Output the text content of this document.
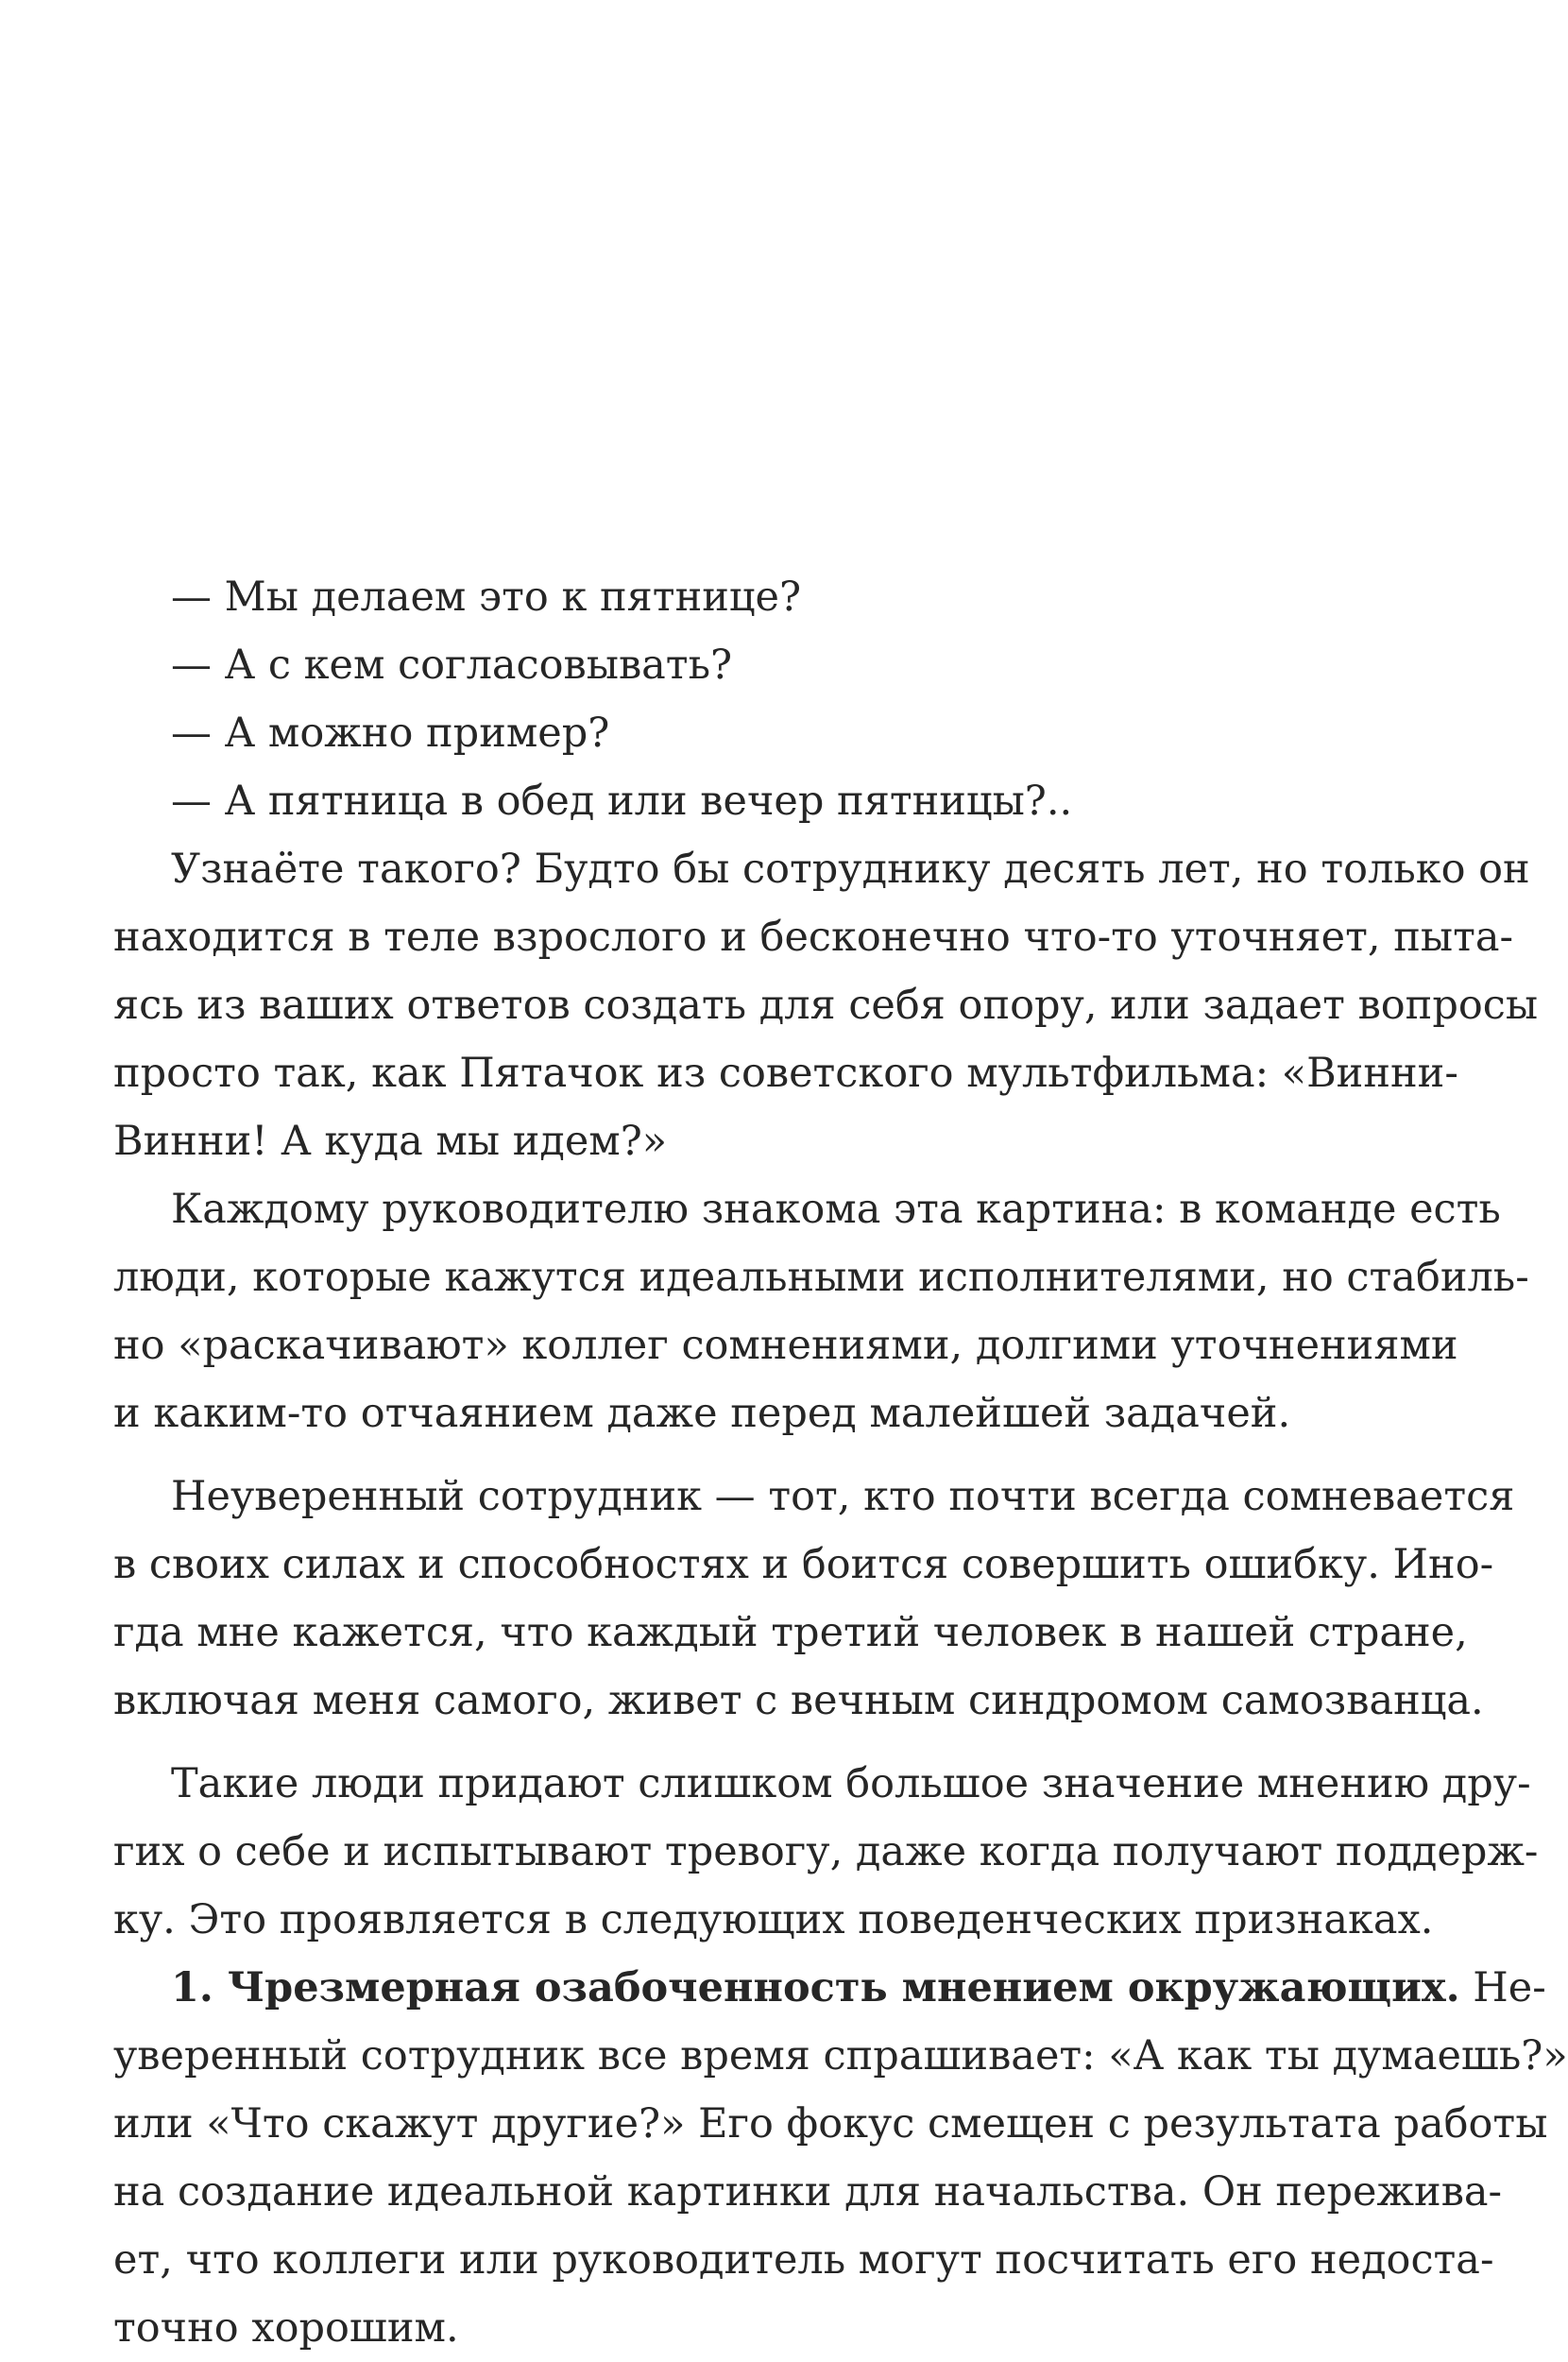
— Мы делаем это к пятнице?
— А с кем согласовывать?
— А можно пример?
— А пятница в обед или вечер пятницы?..
Узнаёте такого? Будто бы сотруднику десять лет, но только он
находится в теле взрослого и бесконечно что-то уточняет, пыта-
ясь из ваших ответов создать для себя опору, или задает вопросы
просто так, как Пятачок из советского мультфильма: «Винни-
Винни! А куда мы идем?»
Каждому руководителю знакома эта картина: в команде есть
люди, которые кажутся идеальными исполнителями, но стабиль-
но «раскачивают» коллег сомнениями, долгими уточнениями
и каким-то отчаянием даже перед малейшей задачей.
Неуверенный сотрудник — тот, кто почти всегда сомневается
в своих силах и способностях и боится совершить ошибку. Ино-
гда мне кажется, что каждый третий человек в нашей стране,
включая меня самого, живет с вечным синдромом самозванца.
Такие люди придают слишком большое значение мнению дру-
гих о себе и испытывают тревогу, даже когда получают поддерж-
ку. Это проявляется в следующих поведенческих признаках.
1. Чрезмерная озабоченность мнением окружающих. Не-
уверенный сотрудник все время спрашивает: «А как ты думаешь?»
или «Что скажут другие?» Его фокус смещен с результата работы
на создание идеальной картинки для начальства. Он пережива-
ет, что коллеги или руководитель могут посчитать его недоста-
точно хорошим.
